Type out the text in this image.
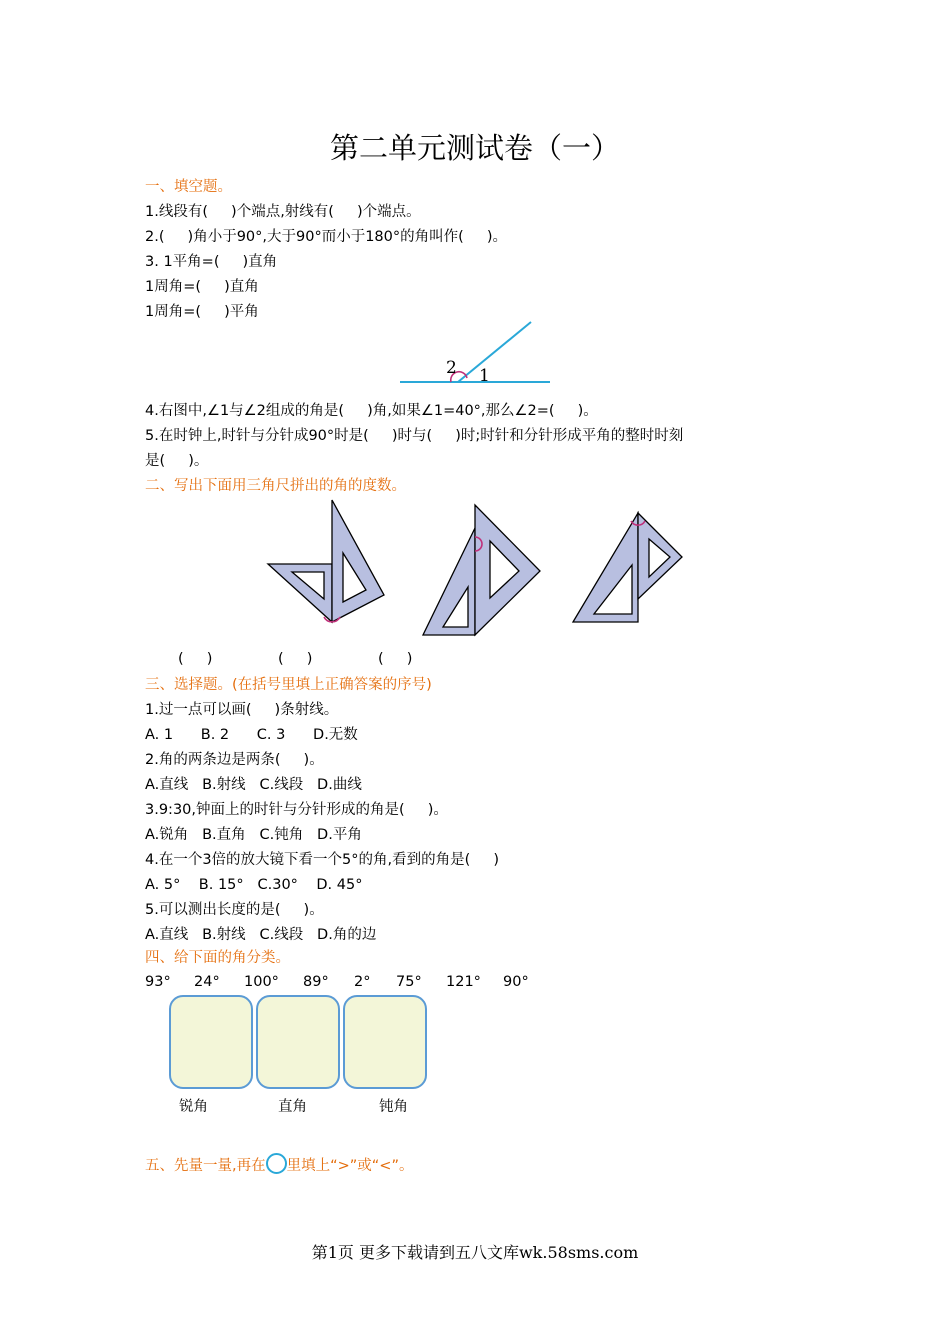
第二单元测试卷（一）
一、填空题。
1.线段有(     )个端点,射线有(     )个端点。
2.(     )角小于90°,大于90°而小于180°的角叫作(     )。
3. 1平角=(     )直角
1周角=(     )直角
1周角=(     )平角
2 1
4.右图中,∠1与∠2组成的角是(     )角,如果∠1=40°,那么∠2=(     )。
5.在时钟上,时针与分针成90°时是(     )时与(     )时;时针和分针形成平角的整时时刻
是(     )。
二、写出下面用三角尺拼出的角的度数。
(     )	(     )	(     )
三、选择题。(在括号里填上正确答案的序号)
1.过一点可以画(     )条射线。
A. 1      B. 2      C. 3      D.无数
2.角的两条边是两条(     )。
A.直线   B.射线   C.线段   D.曲线
3.9:30,钟面上的时针与分针形成的角是(     )。
A.锐角   B.直角   C.钝角   D.平角
4.在一个3倍的放大镜下看一个5°的角,看到的角是(     )
A. 5°    B. 15°   C.30°    D. 45°
5.可以测出长度的是(     )。
A.直线   B.射线   C.线段   D.角的边
四、给下面的角分类。
93° 24° 100° 89° 2° 75° 121° 90°
锐角	直角	钝角
五、先量一量,再在 里填上“>”或“<”。
第1页 更多下载请到五八文库wk.58sms.com
